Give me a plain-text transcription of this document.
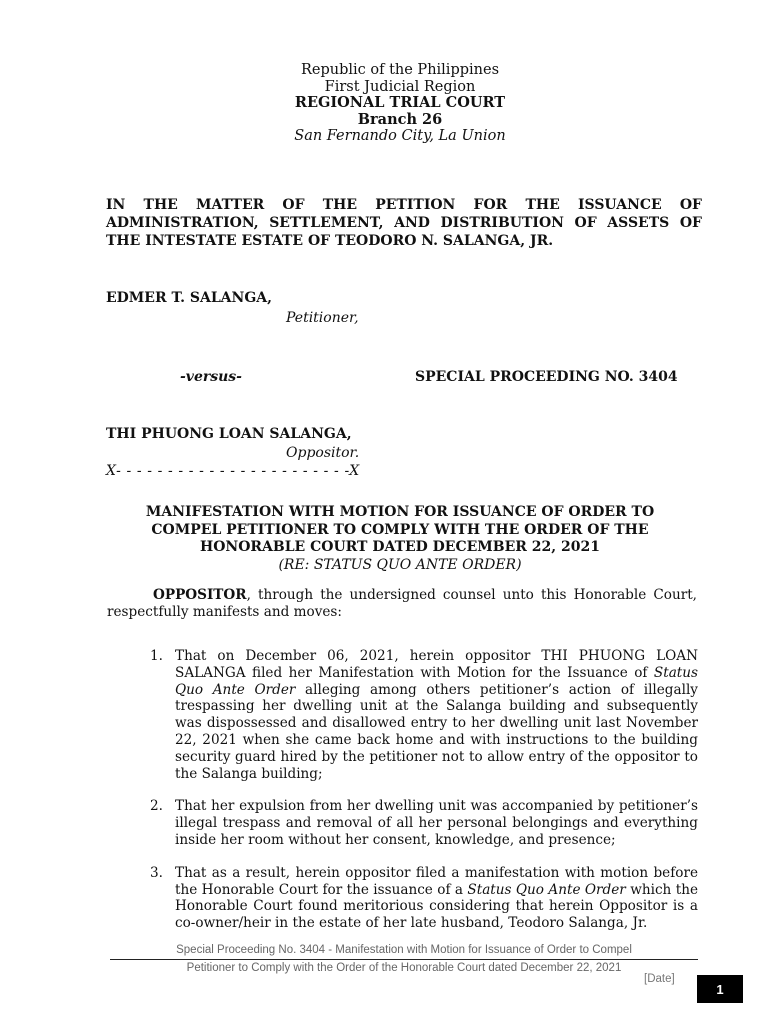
Republic of the Philippines
First Judicial Region
REGIONAL TRIAL COURT
Branch 26
San Fernando City, La Union
IN THE MATTER OF THE PETITION FOR THE ISSUANCE OF ADMINISTRATION, SETTLEMENT, AND DISTRIBUTION OF ASSETS OF THE INTESTATE ESTATE OF TEODORO N. SALANGA, JR.
EDMER T. SALANGA,
Petitioner,
-versus-	SPECIAL PROCEEDING NO. 3404
THI PHUONG LOAN SALANGA,
Oppositor.
X- - - - - - - - - - - - - - - - - - - - - - -X
MANIFESTATION WITH MOTION FOR ISSUANCE OF ORDER TO
COMPEL PETITIONER TO COMPLY WITH THE ORDER OF THE
HONORABLE COURT DATED DECEMBER 22, 2021
(RE: STATUS QUO ANTE ORDER)
OPPOSITOR, through the undersigned counsel unto this Honorable Court, respectfully manifests and moves:
1. That on December 06, 2021, herein oppositor THI PHUONG LOAN SALANGA filed her Manifestation with Motion for the Issuance of Status Quo Ante Order alleging among others petitioner’s action of illegally trespassing her dwelling unit at the Salanga building and subsequently was dispossessed and disallowed entry to her dwelling unit last November 22, 2021 when she came back home and with instructions to the building security guard hired by the petitioner not to allow entry of the oppositor to the Salanga building;
2. That her expulsion from her dwelling unit was accompanied by petitioner’s illegal trespass and removal of all her personal belongings and everything inside her room without her consent, knowledge, and presence;
3. That as a result, herein oppositor filed a manifestation with motion before the Honorable Court for the issuance of a Status Quo Ante Order which the Honorable Court found meritorious considering that herein Oppositor is a co-owner/heir in the estate of her late husband, Teodoro Salanga, Jr.
Special Proceeding No. 3404 - Manifestation with Motion for Issuance of Order to Compel
Petitioner to Comply with the Order of the Honorable Court dated December 22, 2021
[Date]
1
